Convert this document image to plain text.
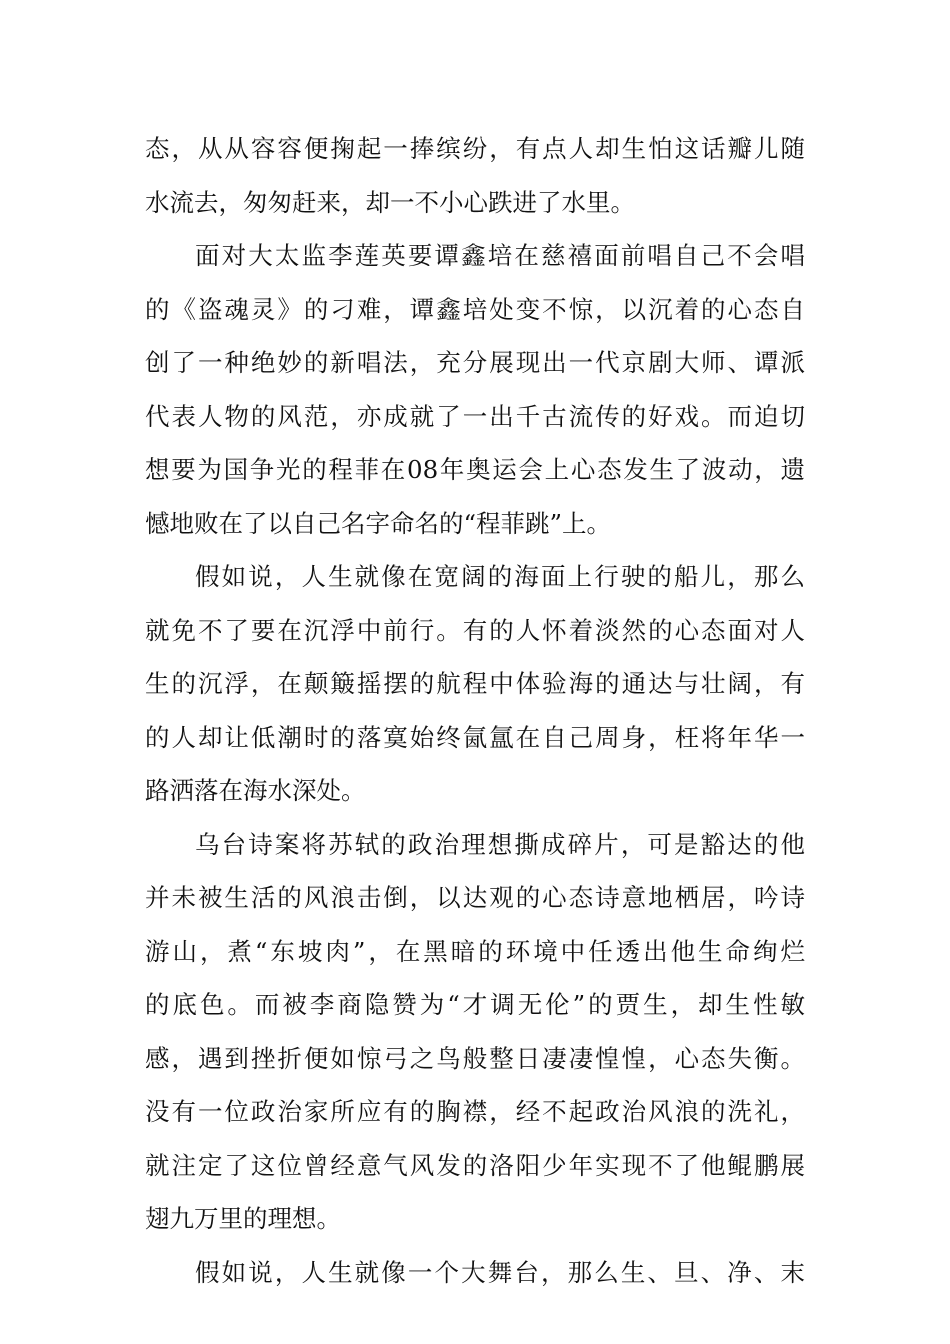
态，从从容容便掬起一捧缤纷，有点人却生怕这话瓣儿随
水流去，匆匆赶来，却一不小心跌进了水里。

面对大太监李莲英要谭鑫培在慈禧面前唱自己不会唱
的《盗魂灵》的刁难，谭鑫培处变不惊，以沉着的心态自
创了一种绝妙的新唱法，充分展现出一代京剧大师、谭派
代表人物的风范，亦成就了一出千古流传的好戏。而迫切
想要为国争光的程菲在08年奥运会上心态发生了波动，遗
憾地败在了以自己名字命名的“程菲跳”上。

假如说，人生就像在宽阔的海面上行驶的船儿，那么
就免不了要在沉浮中前行。有的人怀着淡然的心态面对人
生的沉浮，在颠簸摇摆的航程中体验海的通达与壮阔，有
的人却让低潮时的落寞始终氤氲在自己周身，枉将年华一
路洒落在海水深处。

乌台诗案将苏轼的政治理想撕成碎片，可是豁达的他
并未被生活的风浪击倒，以达观的心态诗意地栖居，吟诗
游山，煮“东坡肉”，在黑暗的环境中任透出他生命绚烂
的底色。而被李商隐赞为“才调无伦”的贾生，却生性敏
感，遇到挫折便如惊弓之鸟般整日凄凄惶惶，心态失衡。
没有一位政治家所应有的胸襟，经不起政治风浪的洗礼，
就注定了这位曾经意气风发的洛阳少年实现不了他鲲鹏展
翅九万里的理想。

假如说，人生就像一个大舞台，那么生、旦、净、末
